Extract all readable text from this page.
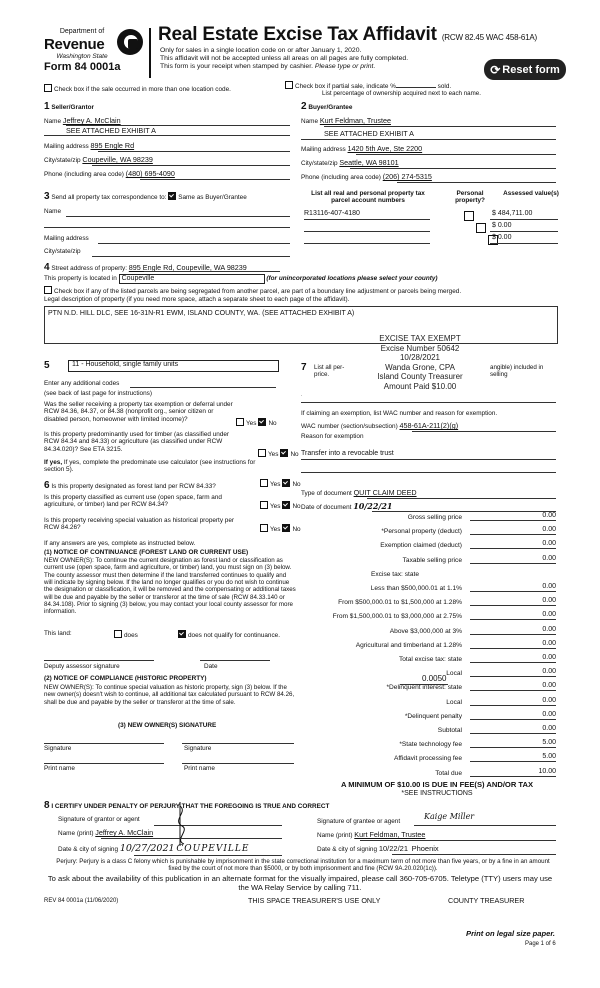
Department of
Revenue
Washington State
Form 84 0001a
Real Estate Excise Tax Affidavit (RCW 82.45 WAC 458-61A)
Only for sales in a single location code on or after January 1, 2020.
This affidavit will not be accepted unless all areas on all pages are fully completed.
This form is your receipt when stamped by cashier. Please type or print.	⟳ Reset form
Check box if the sale occurred in more than one location code.	Check box if partial sale, indicate %	sold.
List percentage of ownership acquired next to each name.
1 Seller/Grantor
Name Jeffrey A. McClain
SEE ATTACHED EXHIBIT A
Mailing address 895 Engle Rd
City/state/zip Coupeville, WA 98239
Phone (including area code) (480) 695-4090
2 Buyer/Grantee
Name Kurt Feldman, Trustee
SEE ATTACHED EXHIBIT A
Mailing address 1420 5th Ave, Ste 2200
City/state/zip Seattle, WA 98101
Phone (including area code) (206) 274-5315
3 Send all property tax correspondence to: Same as Buyer/Grantee
Name
Mailing address
City/state/zip
List all real and personal property tax parcel account numbers
Personal property?
Assessed value(s)
R13116-407-4180	$ 484,711.00
$ 0.00
$ 0.00
4 Street address of property: 895 Engle Rd, Coupeville, WA 98239
This property is located in Coupeville	(for unincorporated locations please select your county)
Check box if any of the listed parcels are being segregated from another parcel, are part of a boundary line adjustment or parcels being merged.
Legal description of property (if you need more space, attach a separate sheet to each page of the affidavit).
PTN N.D. HILL DLC, SEE 16-31N-R1 EWM, ISLAND COUNTY, WA. (SEE ATTACHED EXHIBIT A)
EXCISE TAX EXEMPT
Excise Number 50642
10/28/2021
Wanda Grone, CPA
Island County Treasurer
Amount Paid $10.00
5	11 - Household, single family units
Enter any additional codes
(see back of last page for instructions)
Was the seller receiving a property tax exemption or deferral under RCW 84.36, 84.37, or 84.38 (nonprofit org., senior citizen or disabled person, homeowner with limited income)?
Yes No
Is this property predominantly used for timber (as classified under RCW 84.34 and 84.33) or agriculture (as classified under RCW 84.34.020)? See ETA 3215.
Yes No
If yes, If yes, complete the predominate use calculator (see instructions for section 5).
6 Is this property designated as forest land per RCW 84.33?	Yes No
Is this property classified as current use (open space, farm and agriculture, or timber) land per RCW 84.34?	Yes No
Is this property receiving special valuation as historical property per RCW 84.26?	Yes No
If any answers are yes, complete as instructed below.
(1) NOTICE OF CONTINUANCE (FOREST LAND OR CURRENT USE)
NEW OWNER(S): To continue the current designation as forest land or classification as current use (open space, farm and agriculture, or timber) land, you must sign on (3) below. The county assessor must then determine if the land transferred continues to qualify and will indicate by signing below. If the land no longer qualifies or you do not wish to continue the designation or classification, it will be removed and the compensating or additional taxes will be due and payable by the seller or transferor at the time of sale (RCW 84.33.140 or 84.34.108). Prior to signing (3) below, you may contact your local county assessor for more information.
This land:	does	does not qualify for continuance.
Deputy assessor signature	Date
(2) NOTICE OF COMPLIANCE (HISTORIC PROPERTY)
NEW OWNER(S): To continue special valuation as historic property, sign (3) below. If the new owner(s) doesn't wish to continue, all additional tax calculated pursuant to RCW 84.26, shall be due and payable by the seller or transferor at the time of sale.
(3) NEW OWNER(S) SIGNATURE
Signature	Signature
Print name	Print name
7	List all per-
price.
angible) included in selling
If claiming an exemption, list WAC number and reason for exemption.
WAC number (section/subsection) 458-61A-211(2)(g)
Reason for exemption
Transfer into a revocable trust
Type of document QUIT CLAIM DEED
Date of document 10/22/21
Gross selling price	0.00
*Personal property (deduct)	0.00
Exemption claimed (deduct)	0.00
Taxable selling price	0.00
Excise tax: state
Less than $500,000.01 at 1.1%	0.00
From $500,000.01 to $1,500,000 at 1.28%	0.00
From $1,500,000.01 to $3,000,000 at 2.75%	0.00
Above $3,000,000 at 3%	0.00
Agricultural and timberland at 1.28%	0.00
Total excise tax: state	0.00
Local	0.00
*Delinquent interest: state	0.00
Local	0.00
*Delinquent penalty	0.00
Subtotal	0.00
*State technology fee	5.00
Affidavit processing fee	5.00
Total due	10.00
0.0050
A MINIMUM OF $10.00 IS DUE IN FEE(S) AND/OR TAX
*SEE INSTRUCTIONS
8 I CERTIFY UNDER PENALTY OF PERJURY THAT THE FOREGOING IS TRUE AND CORRECT
Signature of grantor or agent
Name (print) Jeffrey A. McClain
Date & city of signing 10/27/2021 COUPEVILLE
Signature of grantee or agent
Kaige Miller
Name (print) Kurt Feldman, Trustee
Date & city of signing 10/22/21 Phoenix
Perjury: Perjury is a class C felony which is punishable by imprisonment in the state correctional institution for a maximum term of not more than five years, or by a fine in an amount fixed by the court of not more than $5000, or by both imprisonment and fine (RCW 9A.20.020(1c)).
To ask about the availability of this publication in an alternate format for the visually impaired, please call 360-705-6705. Teletype (TTY) users may use the WA Relay Service by calling 711.
REV 84 0001a (11/06/2020)	THIS SPACE TREASURER'S USE ONLY	COUNTY TREASURER
Print on legal size paper.
Page 1 of 6
